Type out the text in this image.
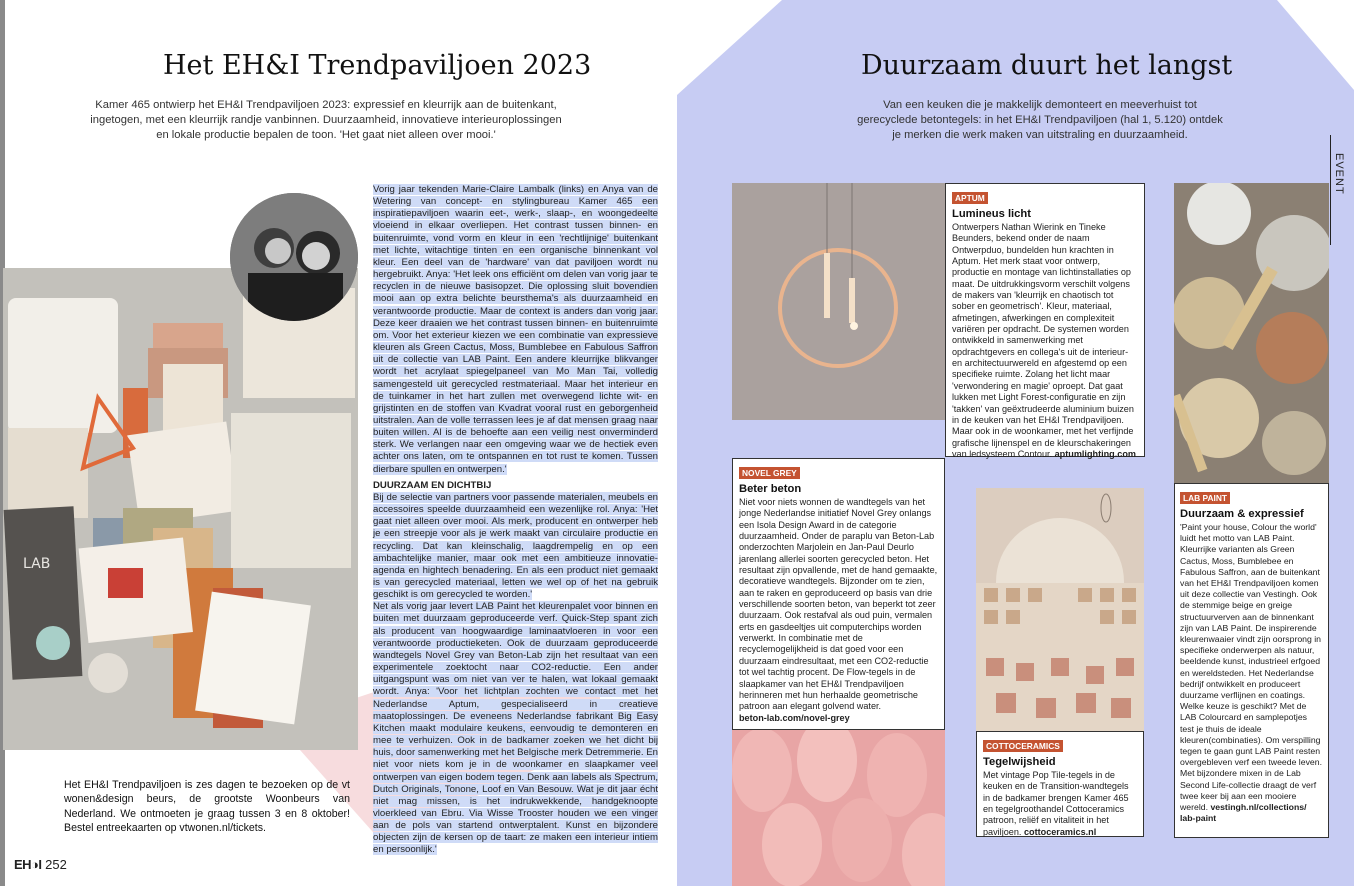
Het EH&I Trendpaviljoen 2023

Kamer 465 ontwierp het EH&I Trendpaviljoen 2023: expressief en kleurrijk aan de buitenkant, ingetogen, met een kleurrijk randje vanbinnen. Duurzaamheid, innovatieve interieuroplossingen en lokale productie bepalen de toon. 'Het gaat niet alleen over mooi.'

LAB

Vorig jaar tekenden Marie-Claire Lambalk (links) en Anya van de Wetering van concept- en stylingbureau Kamer 465 een inspiratiepaviljoen waarin eet-, werk-, slaap-, en woongedeelte vloeiend in elkaar overliepen. Het contrast tussen binnen- en buitenruimte, vond vorm en kleur in een 'rechtlijnige' buitenkant met lichte, witachtige tinten en een organische binnenkant vol kleur. Een deel van de 'hardware' van dat paviljoen wordt nu hergebruikt. Anya: 'Het leek ons efficiënt om delen van vorig jaar te recyclen in de nieuwe basisopzet. Die oplossing sluit bovendien mooi aan op extra belichte beursthema's als duurzaamheid en verantwoorde productie. Maar de context is anders dan vorig jaar. Deze keer draaien we het contrast tussen binnen- en buitenruimte om. Voor het exterieur kiezen we een combinatie van expressieve kleuren als Green Cactus, Moss, Bumblebee en Fabulous Saffron uit de collectie van LAB Paint. Een andere kleurrijke blikvanger wordt het acrylaat spiegelpaneel van Mo Man Tai, volledig samengesteld uit gerecycled restmateriaal. Maar het interieur en de tuinkamer in het hart zullen met overwegend lichte wit- en grijstinten en de stoffen van Kvadrat vooral rust en geborgenheid uitstralen. Aan de volle terrassen lees je af dat mensen graag naar buiten willen. Al is de behoefte aan een veilig nest onverminderd sterk. We verlangen naar een omgeving waar we de hectiek even achter ons laten, om te ontspannen en tot rust te komen. Tussen dierbare spullen en ontwerpen.'

DUURZAAM EN DICHTBIJ

Bij de selectie van partners voor passende materialen, meubels en accessoires speelde duurzaamheid een wezenlijke rol. Anya: 'Het gaat niet alleen over mooi. Als merk, producent en ontwerper heb je een streepje voor als je werk maakt van circulaire productie en recycling. Dat kan kleinschalig, laagdrempelig en op een ambachtelijke manier, maar ook met een ambitieuze innovatie-agenda en hightech benadering. En als een product niet gemaakt is van gerecycled materiaal, letten we wel op of het na gebruik geschikt is om gerecycled te worden.'

Net als vorig jaar levert LAB Paint het kleurenpalet voor binnen en buiten met duurzaam geproduceerde verf. Quick-Step spant zich als producent van hoogwaardige laminaatvloeren in voor een verantwoorde productieketen. Ook de duurzaam geproduceerde wandtegels Novel Grey van Beton-Lab zijn het resultaat van een experimentele zoektocht naar CO2-reductie. Een ander uitgangspunt was om niet van ver te halen, wat lokaal gemaakt wordt. Anya: 'Voor het lichtplan zochten we contact met het Nederlandse Aptum, gespecialiseerd in creatieve maatoplossingen. De eveneens Nederlandse fabrikant Big Easy Kitchen maakt modulaire keukens, eenvoudig te demonteren en mee te verhuizen. Ook in de badkamer zoeken we het dicht bij huis, door samenwerking met het Belgische merk Detremmerie. En niet voor niets kom je in de woonkamer en slaapkamer veel ontwerpen van eigen bodem tegen. Denk aan labels als Spectrum, Dutch Originals, Tonone, Loof en Van Besouw. Wat je dit jaar écht niet mag missen, is het indrukwekkende, handgeknoopte vloerkleed van Ebru. Via Wisse Trooster houden we een vinger aan de pols van startend ontwerptalent. Kunst en bijzondere objecten zijn de kersen op de taart: ze maken een interieur intiem en persoonlijk.'

Het EH&I Trendpaviljoen is zes dagen te bezoeken op de vt wonen&design beurs, de grootste Woonbeurs van Nederland. We ontmoeten je graag tussen 3 en 8 oktober! Bestel entreekaarten op vtwonen.nl/tickets.

EH◑I 252
Duurzaam duurt het langst

Van een keuken die je makkelijk demonteert en meeverhuist tot gerecyclede betontegels: in het EH&I Trendpaviljoen (hal 1, 5.120) ontdek je merken die werk maken van uitstraling en duurzaamheid.

EVENT
APTUM
Lumineus licht

Ontwerpers Nathan Wierink en Tineke Beunders, bekend onder de naam Ontwerpduo, bundelden hun krachten in Aptum. Het merk staat voor ontwerp, productie en montage van lichtinstallaties op maat. De uitdrukkingsvorm verschilt volgens de makers van 'kleurrijk en chaotisch tot sober en geometrisch'. Kleur, materiaal, afmetingen, afwerkingen en complexiteit variëren per opdracht. De systemen worden ontwikkeld in samenwerking met opdrachtgevers en collega's uit de interieur- en architectuurwereld en afgestemd op een specifieke ruimte. Zolang het licht maar 'verwondering en magie' oproept. Dat gaat lukken met Light Forest-configuratie en zijn 'takken' van geëxtrudeerde aluminium buizen in de keuken van het EH&I Trendpaviljoen. Maar ook in de woonkamer, met het verfijnde grafische lijnenspel en de kleurschakeringen van ledsysteem Contour. aptumlighting.com

NOVEL GREY
Beter beton

Niet voor niets wonnen de wandtegels van het jonge Nederlandse initiatief Novel Grey onlangs een Isola Design Award in de categorie duurzaamheid. Onder de paraplu van Beton-Lab onderzochten Marjolein en Jan-Paul Deurlo jarenlang allerlei soorten gerecycled beton. Het resultaat zijn opvallende, met de hand gemaakte, decoratieve wandtegels. Bijzonder om te zien, aan te raken en geproduceerd op basis van drie verschillende soorten beton, van beperkt tot zeer duurzaam. Ook restafval als oud puin, vermalen erts en gasdeeltjes uit computerchips worden verwerkt. In combinatie met de recyclemogelijkheid is dat goed voor een duurzaam eindresultaat, met een CO2-reductie tot wel tachtig procent. De Flow-tegels in de slaapkamer van het EH&I Trendpaviljoen herinneren met hun herhaalde geometrische patroon aan elegant golvend water.
beton-lab.com/novel-grey

COTTOCERAMICS
Tegelwijsheid

Met vintage Pop Tile-tegels in de keuken en de Transition-wandtegels in de badkamer brengen Kamer 465 en tegelgroothandel Cottoceramics patroon, reliëf en vitaliteit in het paviljoen. cottoceramics.nl

LAB PAINT
Duurzaam & expressief

'Paint your house, Colour the world' luidt het motto van LAB Paint. Kleurrijke varianten als Green Cactus, Moss, Bumblebee en Fabulous Saffron, aan de buitenkant van het EH&I Trendpaviljoen komen uit deze collectie van Vestingh. Ook de stemmige beige en greige structuurverven aan de binnenkant zijn van LAB Paint. De inspirerende kleurenwaaier vindt zijn oorsprong in specifieke onderwerpen als natuur, beeldende kunst, industrieel erfgoed en wereldsteden. Het Nederlandse bedrijf ontwikkelt en produceert duurzame verflijnen en coatings. Welke keuze is geschikt? Met de LAB Colourcard en samplepotjes test je thuis de ideale kleuren(combinaties). Om verspilling tegen te gaan gunt LAB Paint resten overgebleven verf een tweede leven. Met bijzondere mixen in de Lab Second Life-collectie draagt de verf twee keer bij aan een mooiere wereld. vestingh.nl/collections/ lab-paint
